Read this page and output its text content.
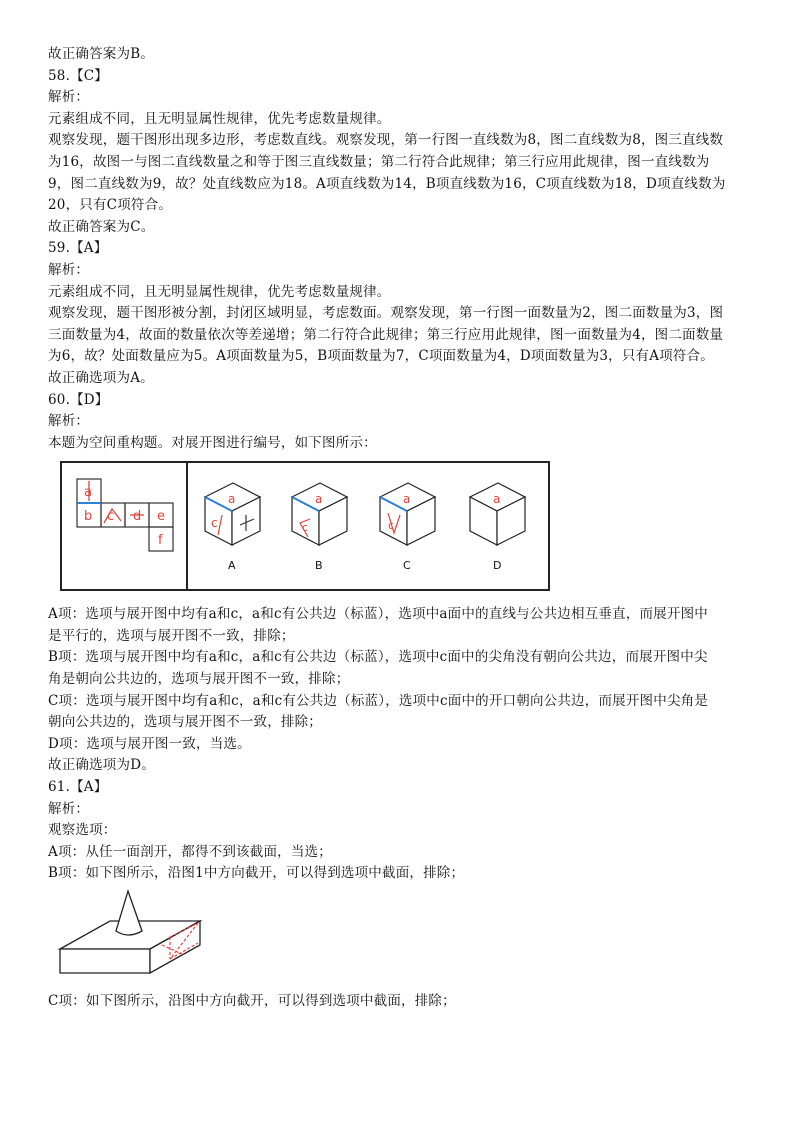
故正确答案为B。
58.【C】
解析：
元素组成不同，且无明显属性规律，优先考虑数量规律。
观察发现，题干图形出现多边形，考虑数直线。观察发现，第一行图一直线数为8，图二直线数为8，图三直线数
为16，故图一与图二直线数量之和等于图三直线数量；第二行符合此规律；第三行应用此规律，图一直线数为
9，图二直线数为9，故？处直线数应为18。A项直线数为14，B项直线数为16，C项直线数为18，D项直线数为
20，只有C项符合。
故正确答案为C。
59.【A】
解析：
元素组成不同，且无明显属性规律，优先考虑数量规律。
观察发现，题干图形被分割，封闭区域明显，考虑数面。观察发现，第一行图一面数量为2，图二面数量为3，图
三面数量为4，故面的数量依次等差递增；第二行符合此规律；第三行应用此规律，图一面数量为4，图二面数量
为6，故？处面数量应为5。A项面数量为5，B项面数量为7，C项面数量为4，D项面数量为3，只有A项符合。
故正确选项为A。
60.【D】
解析：
本题为空间重构题。对展开图进行编号，如下图所示：
a
b c d e
f
a
c
a
c
a
c
a
A	B	C	D
A项：选项与展开图中均有a和c，a和c有公共边（标蓝），选项中a面中的直线与公共边相互垂直，而展开图中
是平行的，选项与展开图不一致，排除；
B项：选项与展开图中均有a和c，a和c有公共边（标蓝），选项中c面中的尖角没有朝向公共边，而展开图中尖
角是朝向公共边的，选项与展开图不一致，排除；
C项：选项与展开图中均有a和c，a和c有公共边（标蓝），选项中c面中的开口朝向公共边，而展开图中尖角是
朝向公共边的，选项与展开图不一致，排除；
D项：选项与展开图一致，当选。
故正确选项为D。
61.【A】
解析：
观察选项：
A项：从任一面剖开，都得不到该截面，当选；
B项：如下图所示，沿图1中方向截开，可以得到选项中截面，排除；
C项：如下图所示，沿图中方向截开，可以得到选项中截面，排除；
